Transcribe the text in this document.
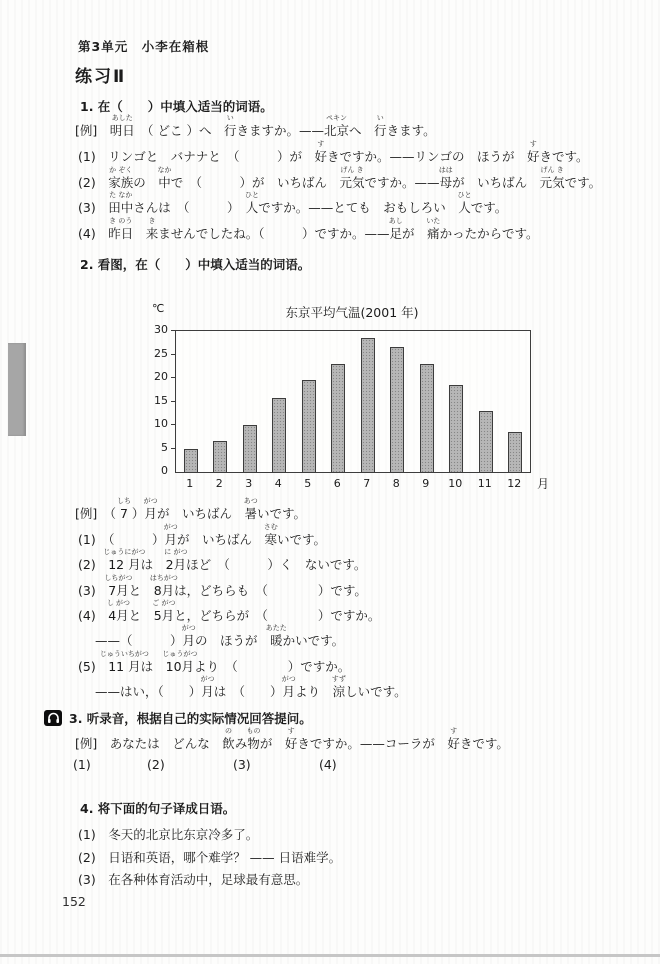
第3单元　小李在箱根
练习Ⅱ
1. 在（　　）中填入适当的词语。
[例]　明日
あした
　（ どこ ）へ　行
い
きますか。——北京
ペキン
へ　行
い
きます。
(1)　リンゴと　バナナと　（　　　）が　好
す
きですか。——リンゴの　ほうが　好
す
きです。
(2)　家族
か ぞく
の　中
なか
で　（　　　）が　いちばん　元気
げん き
ですか。——母
はは
が　いちばん　元気
げん き
です。
(3)　田中
た なか
さんは　（　　　）　人
ひと
ですか。——とても　おもしろい　人
ひと
です。
(4)　昨日
き のう
　来
き
ませんでしたね。（　　　）ですか。——足
あし
が　痛
いた
かったからです。
2. 看图，在（　　）中填入适当的词语。
℃	东京平均气温(2001 年)
月
0
5
10
15
20
25
30
1	2	3	4	5	6	7	8	9	10	11	12
[例]　（ 7
しち
）月
がつ
が　いちばん　暑
あつ
いです。
(1)　（　　　）月
がつ
が　いちばん　寒
さむ
いです。
(2)　12 月
じゅうにがつ
は　2月
に がつ
ほど　（　　　）く　ないです。
(3)　7月
しちがつ
と　8月
はちがつ
は，どちらも　（　　　　）です。
(4)　4月
し がつ
と　5月
ご がつ
と，どちらが　（　　　　）ですか。
——（　　　）月
がつ
の　ほうが　暖
あたた
かいです。
(5)　11 月
じゅういちがつ
は　10月
じゅうがつ
より　（　　　　）ですか。
——はい，（　　）月
がつ
は　（　　）月
がつ
より　涼
すず
しいです。
3. 听录音，根据自己的实际情况回答提问。
[例]　あなたは　どんな　飲
の
み物
もの
が　好
す
きですか。——コーラが　好
す
きです。
(1)	(2)	(3)	(4)
4. 将下面的句子译成日语。
(1)　冬天的北京比东京冷多了。
(2)　日语和英语，哪个难学？ —— 日语难学。
(3)　在各种体育活动中，足球最有意思。
152
